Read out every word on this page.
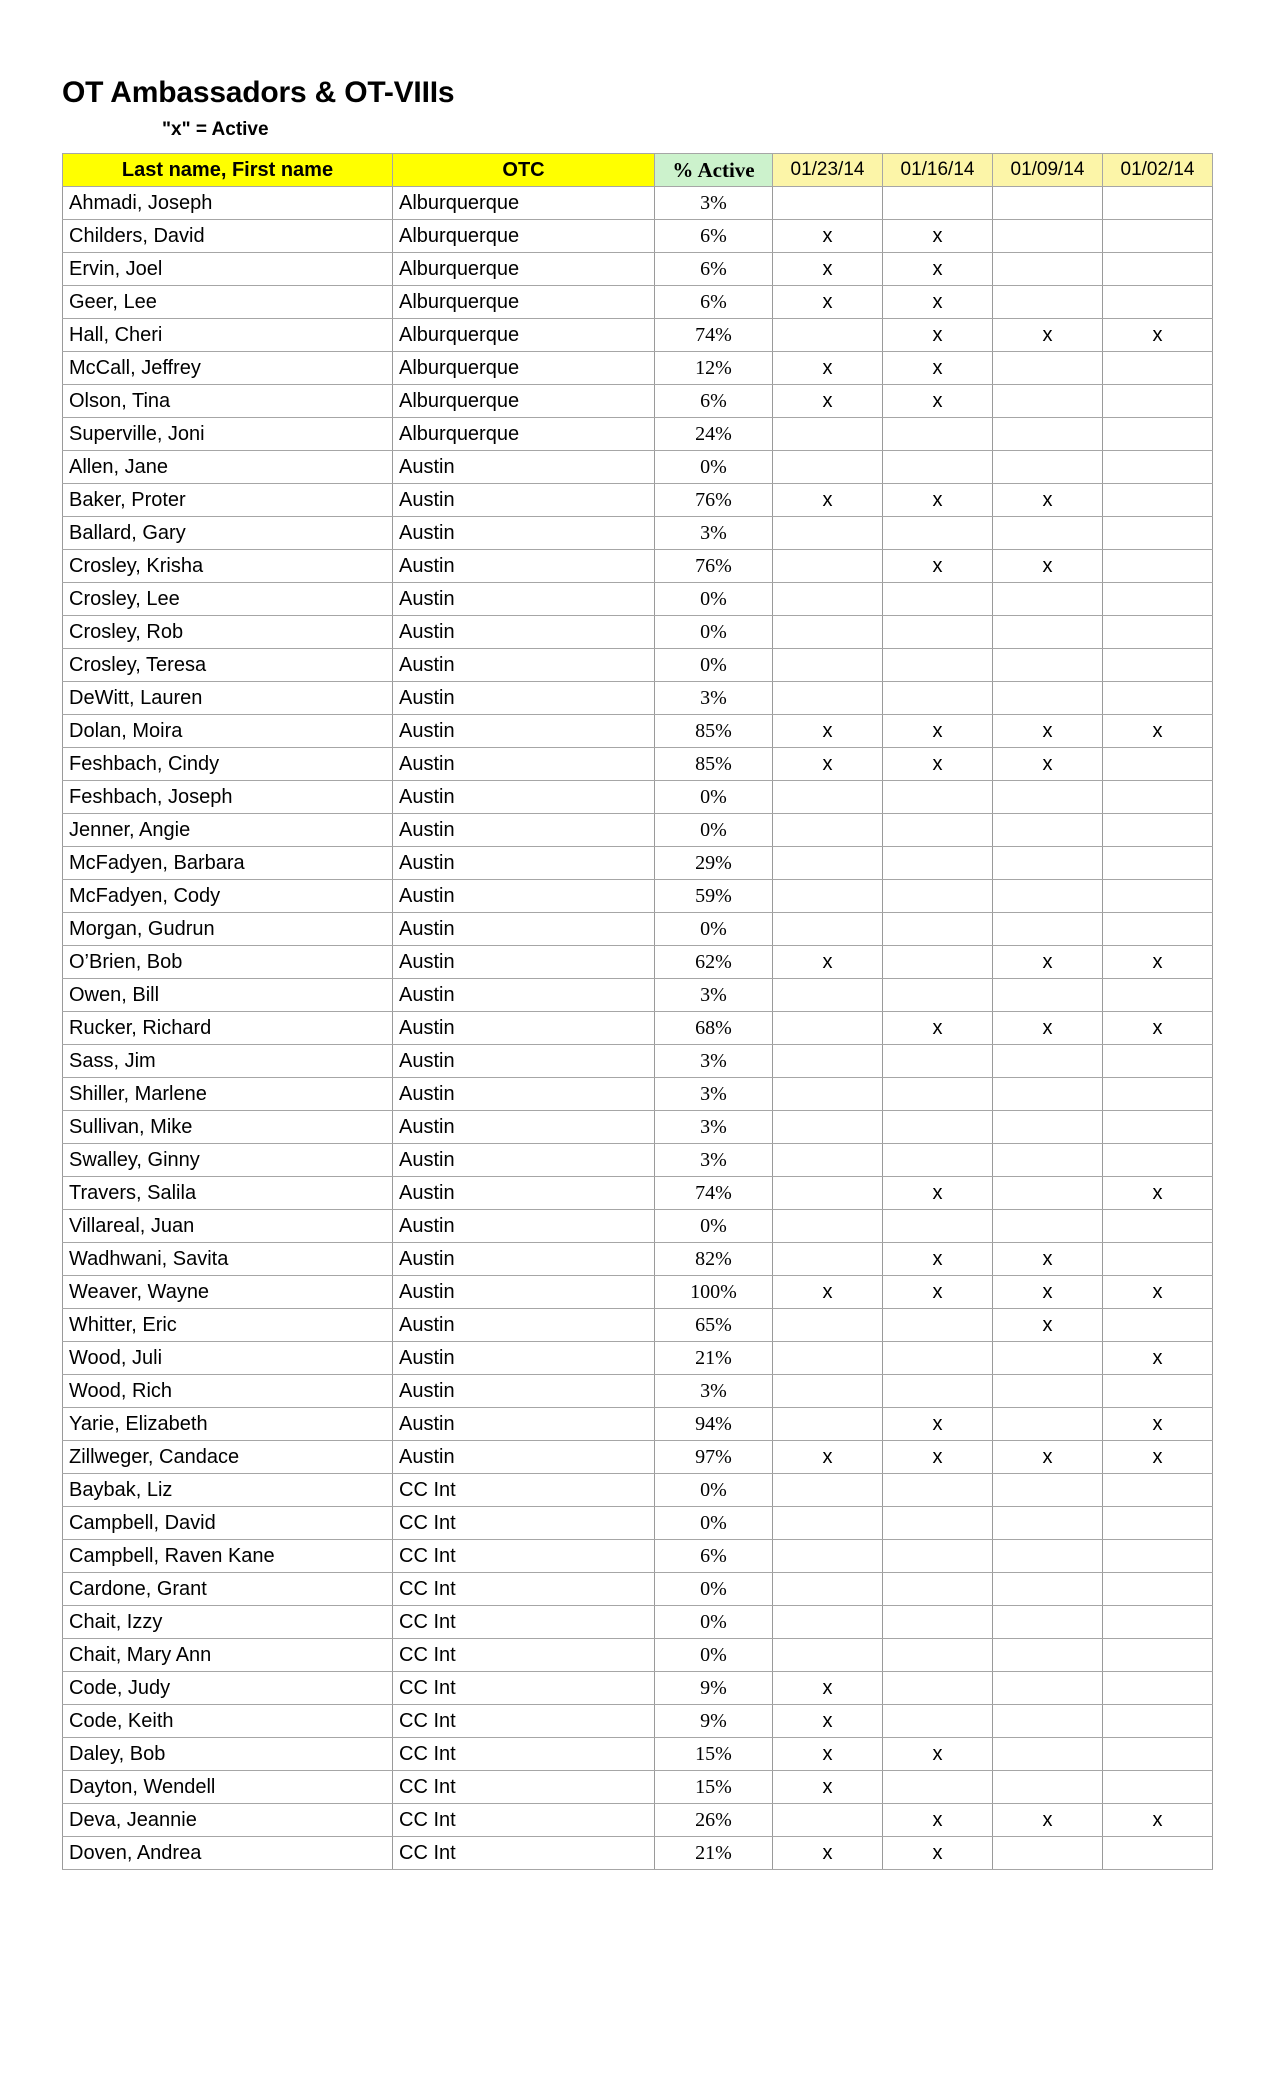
OT Ambassadors & OT-VIIIs
"x" = Active
Last name, First name	OTC	% Active	01/23/14	01/16/14	01/09/14	01/02/14
Ahmadi, Joseph	Alburquerque	3%				
Childers, David	Alburquerque	6%	x	x		
Ervin, Joel	Alburquerque	6%	x	x		
Geer, Lee	Alburquerque	6%	x	x		
Hall, Cheri	Alburquerque	74%		x	x	x
McCall, Jeffrey	Alburquerque	12%	x	x		
Olson, Tina	Alburquerque	6%	x	x		
Superville, Joni	Alburquerque	24%				
Allen, Jane	Austin	0%				
Baker, Proter	Austin	76%	x	x	x	
Ballard, Gary	Austin	3%				
Crosley, Krisha	Austin	76%		x	x	
Crosley, Lee	Austin	0%				
Crosley, Rob	Austin	0%				
Crosley, Teresa	Austin	0%				
DeWitt, Lauren	Austin	3%				
Dolan, Moira	Austin	85%	x	x	x	x
Feshbach, Cindy	Austin	85%	x	x	x	
Feshbach, Joseph	Austin	0%				
Jenner, Angie	Austin	0%				
McFadyen, Barbara	Austin	29%				
McFadyen, Cody	Austin	59%				
Morgan, Gudrun	Austin	0%				
O’Brien, Bob	Austin	62%	x		x	x
Owen, Bill	Austin	3%				
Rucker, Richard	Austin	68%		x	x	x
Sass, Jim	Austin	3%				
Shiller, Marlene	Austin	3%				
Sullivan, Mike	Austin	3%				
Swalley, Ginny	Austin	3%				
Travers, Salila	Austin	74%		x		x
Villareal, Juan	Austin	0%				
Wadhwani, Savita	Austin	82%		x	x	
Weaver, Wayne	Austin	100%	x	x	x	x
Whitter, Eric	Austin	65%			x	
Wood, Juli	Austin	21%				x
Wood, Rich	Austin	3%				
Yarie, Elizabeth	Austin	94%		x		x
Zillweger, Candace	Austin	97%	x	x	x	x
Baybak, Liz	CC Int	0%				
Campbell, David	CC Int	0%				
Campbell, Raven Kane	CC Int	6%				
Cardone, Grant	CC Int	0%				
Chait, Izzy	CC Int	0%				
Chait, Mary Ann	CC Int	0%				
Code, Judy	CC Int	9%	x			
Code, Keith	CC Int	9%	x			
Daley, Bob	CC Int	15%	x	x		
Dayton, Wendell	CC Int	15%	x			
Deva, Jeannie	CC Int	26%		x	x	x
Doven, Andrea	CC Int	21%	x	x		
